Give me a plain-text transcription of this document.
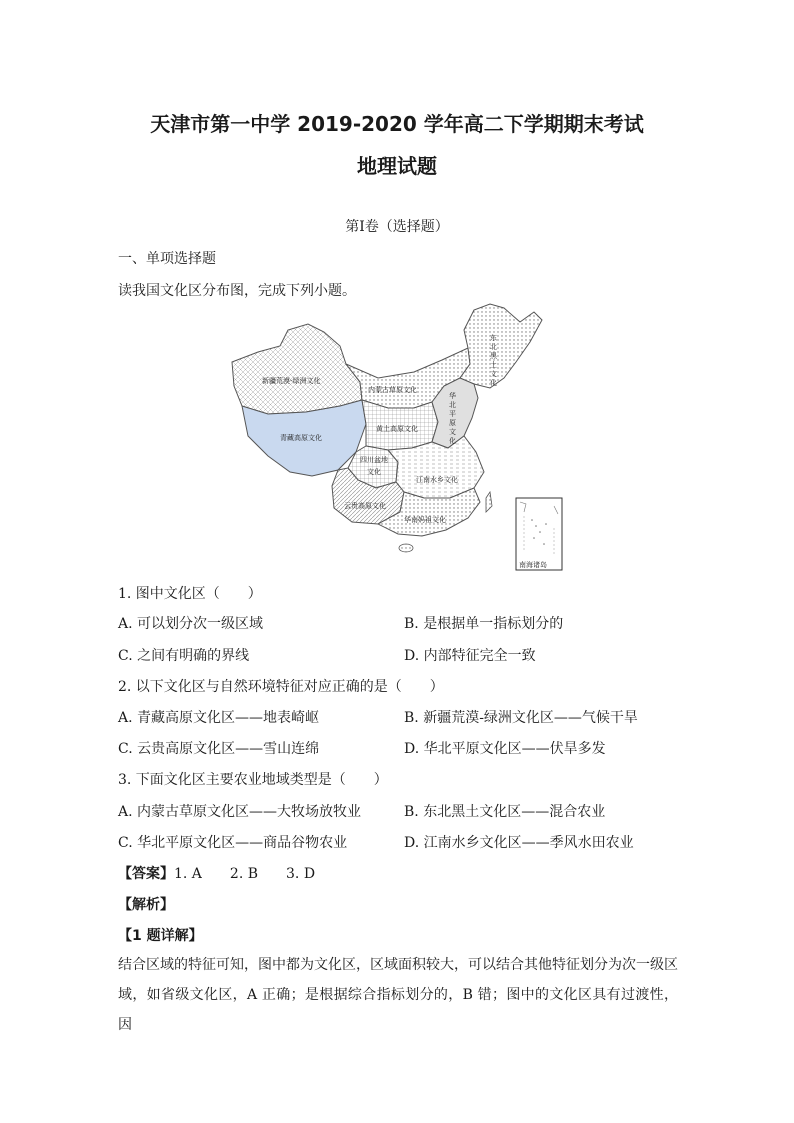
天津市第一中学 2019-2020 学年高二下学期期末考试
地理试题
第Ⅰ卷（选择题）
一、单项选择题
读我国文化区分布图，完成下列小题。
新疆荒漠-绿洲文化
内蒙古草原文化
青藏高原文化
黄土高原文化
江南水乡文化
云贵高原文化
华南妈祖文化
东北黑土文化
华北平原文化
四川盆地文化
南海诸岛
1. 图中文化区（　　）
A. 可以划分次一级区域	B. 是根据单一指标划分的
C. 之间有明确的界线	D. 内部特征完全一致
2. 以下文化区与自然环境特征对应正确的是（　　）
A. 青藏高原文化区——地表崎岖	B. 新疆荒漠-绿洲文化区——气候干旱
C. 云贵高原文化区——雪山连绵	D. 华北平原文化区——伏旱多发
3. 下面文化区主要农业地域类型是（　　）
A. 内蒙古草原文化区——大牧场放牧业	B. 东北黑土文化区——混合农业
C. 华北平原文化区——商品谷物农业	D. 江南水乡文化区——季风水田农业
【答案】1. A　　2. B　　3. D
【解析】
【1 题详解】
结合区域的特征可知，图中都为文化区，区域面积较大，可以结合其他特征划分为次一级区域，如省级文化区，A 正确；是根据综合指标划分的，B 错；图中的文化区具有过渡性，因
